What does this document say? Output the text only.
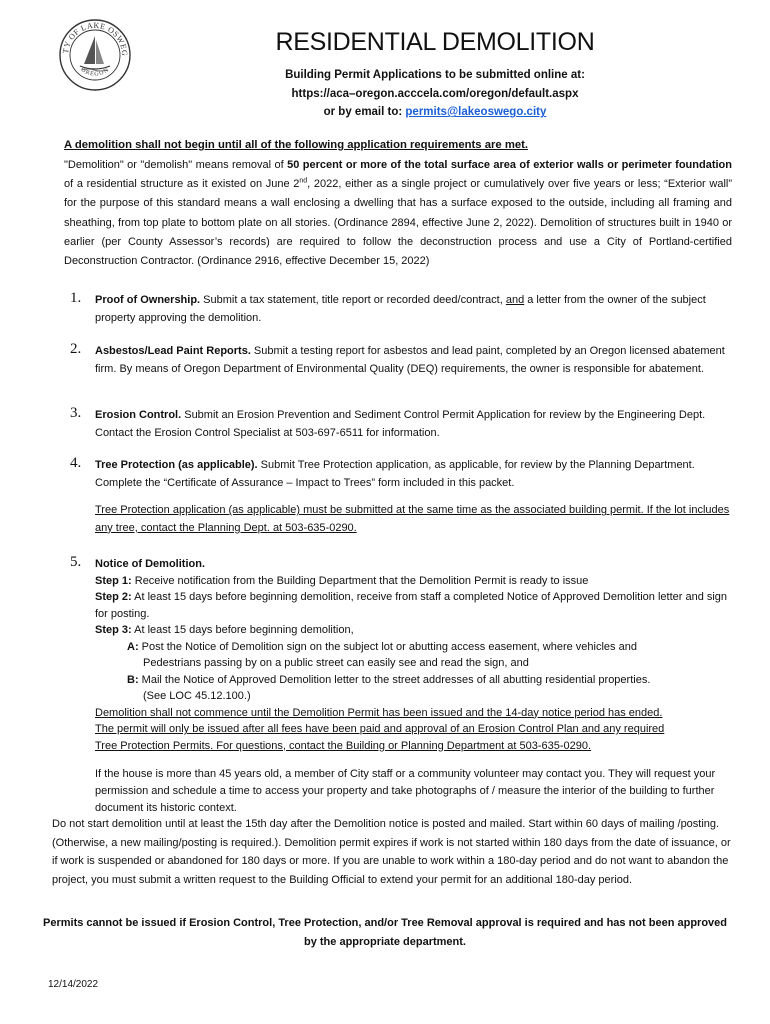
TY OF LAKE OSWEG
OREGON
RESIDENTIAL DEMOLITION
Building Permit Applications to be submitted online at:
https://aca–oregon.acccela.com/oregon/default.aspx
or by email to: permits@lakeoswego.city
A demolition shall not begin until all of the following application requirements are met.
"Demolition" or "demolish" means removal of 50 percent or more of the total surface area of exterior walls or perimeter foundation of a residential structure as it existed on June 2nd, 2022, either as a single project or cumulatively over five years or less; “Exterior wall” for the purpose of this standard means a wall enclosing a dwelling that has a surface exposed to the outside, including all framing and sheathing, from top plate to bottom plate on all stories. (Ordinance 2894, effective June 2, 2022). Demolition of structures built in 1940 or earlier (per County Assessor’s records) are required to follow the deconstruction process and use a City of Portland-certified Deconstruction Contractor. (Ordinance 2916, effective December 15, 2022)
1. Proof of Ownership. Submit a tax statement, title report or recorded deed/contract, and a letter from the owner of the subject property approving the demolition.
2. Asbestos/Lead Paint Reports. Submit a testing report for asbestos and lead paint, completed by an Oregon licensed abatement firm. By means of Oregon Department of Environmental Quality (DEQ) requirements, the owner is responsible for abatement.
3. Erosion Control. Submit an Erosion Prevention and Sediment Control Permit Application for review by the Engineering Dept. Contact the Erosion Control Specialist at 503-697-6511 for information.
4. Tree Protection (as applicable). Submit Tree Protection application, as applicable, for review by the Planning Department. Complete the “Certificate of Assurance – Impact to Trees” form included in this packet.
Tree Protection application (as applicable) must be submitted at the same time as the associated building permit. If the lot includes any tree, contact the Planning Dept. at 503-635-0290.
5. Notice of Demolition.
Step 1: Receive notification from the Building Department that the Demolition Permit is ready to issue
Step 2: At least 15 days before beginning demolition, receive from staff a completed Notice of Approved Demolition letter and sign for posting.
Step 3: At least 15 days before beginning demolition,
A: Post the Notice of Demolition sign on the subject lot or abutting access easement, where vehicles and
Pedestrians passing by on a public street can easily see and read the sign, and
B: Mail the Notice of Approved Demolition letter to the street addresses of all abutting residential properties.
(See LOC 45.12.100.)
Demolition shall not commence until the Demolition Permit has been issued and the 14-day notice period has ended.
The permit will only be issued after all fees have been paid and approval of an Erosion Control Plan and any required
Tree Protection Permits. For questions, contact the Building or Planning Department at 503-635-0290.
If the house is more than 45 years old, a member of City staff or a community volunteer may contact you. They will request your permission and schedule a time to access your property and take photographs of / measure the interior of the building to further document its historic context.
Do not start demolition until at least the 15th day after the Demolition notice is posted and mailed. Start within 60 days of mailing /posting. (Otherwise, a new mailing/posting is required.). Demolition permit expires if work is not started within 180 days from the date of issuance, or if work is suspended or abandoned for 180 days or more. If you are unable to work within a 180-day period and do not want to abandon the project, you must submit a written request to the Building Official to extend your permit for an additional 180-day period.
Permits cannot be issued if Erosion Control, Tree Protection, and/or Tree Removal approval is required and has not been approved by the appropriate department.
12/14/2022
